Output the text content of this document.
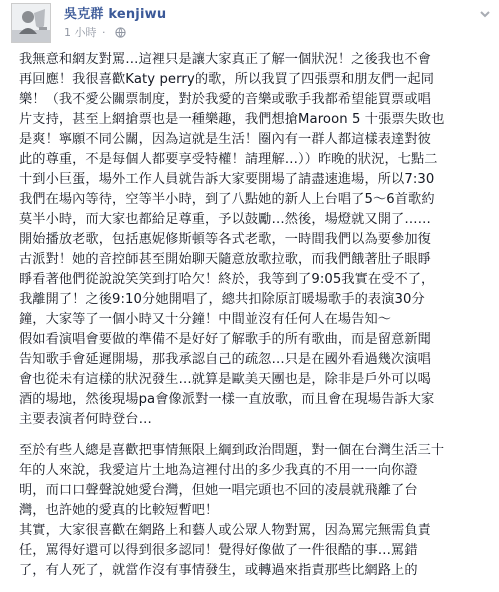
吳克群 kenjiwu
1 小時 ·
我無意和網友對罵…這裡只是讓大家真正了解一個狀況！之後我也不會
再回應！我很喜歡Katy perry的歌，所以我買了四張票和朋友們一起同
樂！（我不愛公關票制度，對於我愛的音樂或歌手我都希望能買票或唱
片支持，甚至上網搶票也是一種樂趣，我們想搶Maroon 5 十張票失敗也
是爽！寧願不同公關，因為這就是生活！圈內有一群人都這樣表達對彼
此的尊重，不是每個人都要享受特權！請理解…））昨晚的狀況，七點二
十到小巨蛋，場外工作人員就告訴大家要開場了請盡速進場，所以7:30
我們在場內等待，空等半小時，到了八點她的新人上台唱了5～6首歌約
莫半小時，而大家也都給足尊重，予以鼓勵…然後，場燈就又開了……
開始播放老歌，包括惠妮修斯頓等各式老歌，一時間我們以為要參加復
古派對！她的音控師甚至開始聊天隨意放歌拉歌，而我們餓著肚子眼睜
睜看著他們從說說笑笑到打哈欠！終於，我等到了9:05我實在受不了，
我離開了！之後9:10分她開唱了，總共扣除原訂暖場歌手的表演30分
鐘，大家等了一個小時又十分鐘！中間並沒有任何人在場告知～
假如看演唱會要做的準備不是好好了解歌手的所有歌曲，而是留意新聞
告知歌手會延遲開場，那我承認自己的疏忽…只是在國外看過幾次演唱
會也從未有這樣的狀況發生…就算是歐美天團也是，除非是戶外可以喝
酒的場地，然後現場pa會像派對一樣一直放歌，而且會在現場告訴大家
主要表演者何時登台…
至於有些人總是喜歡把事情無限上綱到政治問題，對一個在台灣生活三十
年的人來說，我愛這片土地為這裡付出的多少我真的不用一一向你證
明，而口口聲聲說她愛台灣，但她一唱完頭也不回的凌晨就飛離了台
灣，也許她的愛真的比較短暫吧！
其實，大家很喜歡在網路上和藝人或公眾人物對罵，因為罵完無需負責
任，罵得好還可以得到很多認同！覺得好像做了一件很酷的事…罵錯
了，有人死了，就當作沒有事情發生，或轉過來指責那些比網路上的
